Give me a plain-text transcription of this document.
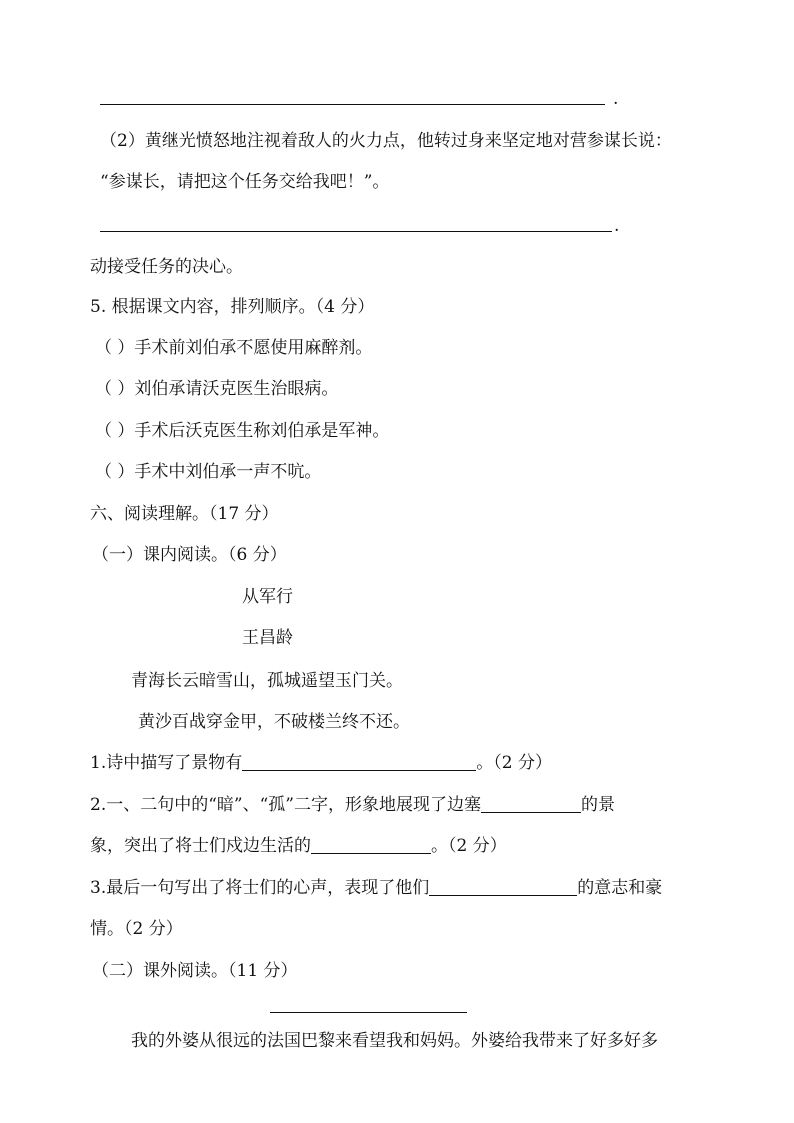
.
（2）黄继光愤怒地注视着敌人的火力点，他转过身来坚定地对营参谋长说：
“参谋长，请把这个任务交给我吧！”。
.
动接受任务的决心。
5. 根据课文内容，排列顺序。（4 分）
（ ）手术前刘伯承不愿使用麻醉剂。
（ ）刘伯承请沃克医生治眼病。
（ ）手术后沃克医生称刘伯承是军神。
（ ）手术中刘伯承一声不吭。
六、阅读理解。（17 分）
（一）课内阅读。（6 分）
从军行
王昌龄
青海长云暗雪山，孤城遥望玉门关。
黄沙百战穿金甲，不破楼兰终不还。
1.诗中描写了景物有	。（2 分）
2.一、二句中的“暗”、“孤”二字，形象地展现了边塞	的景
象，突出了将士们戍边生活的	。（2 分）
3.最后一句写出了将士们的心声，表现了他们	的意志和豪
情。（2 分）
（二）课外阅读。（11 分）
我的外婆从很远的法国巴黎来看望我和妈妈。外婆给我带来了好多好多
